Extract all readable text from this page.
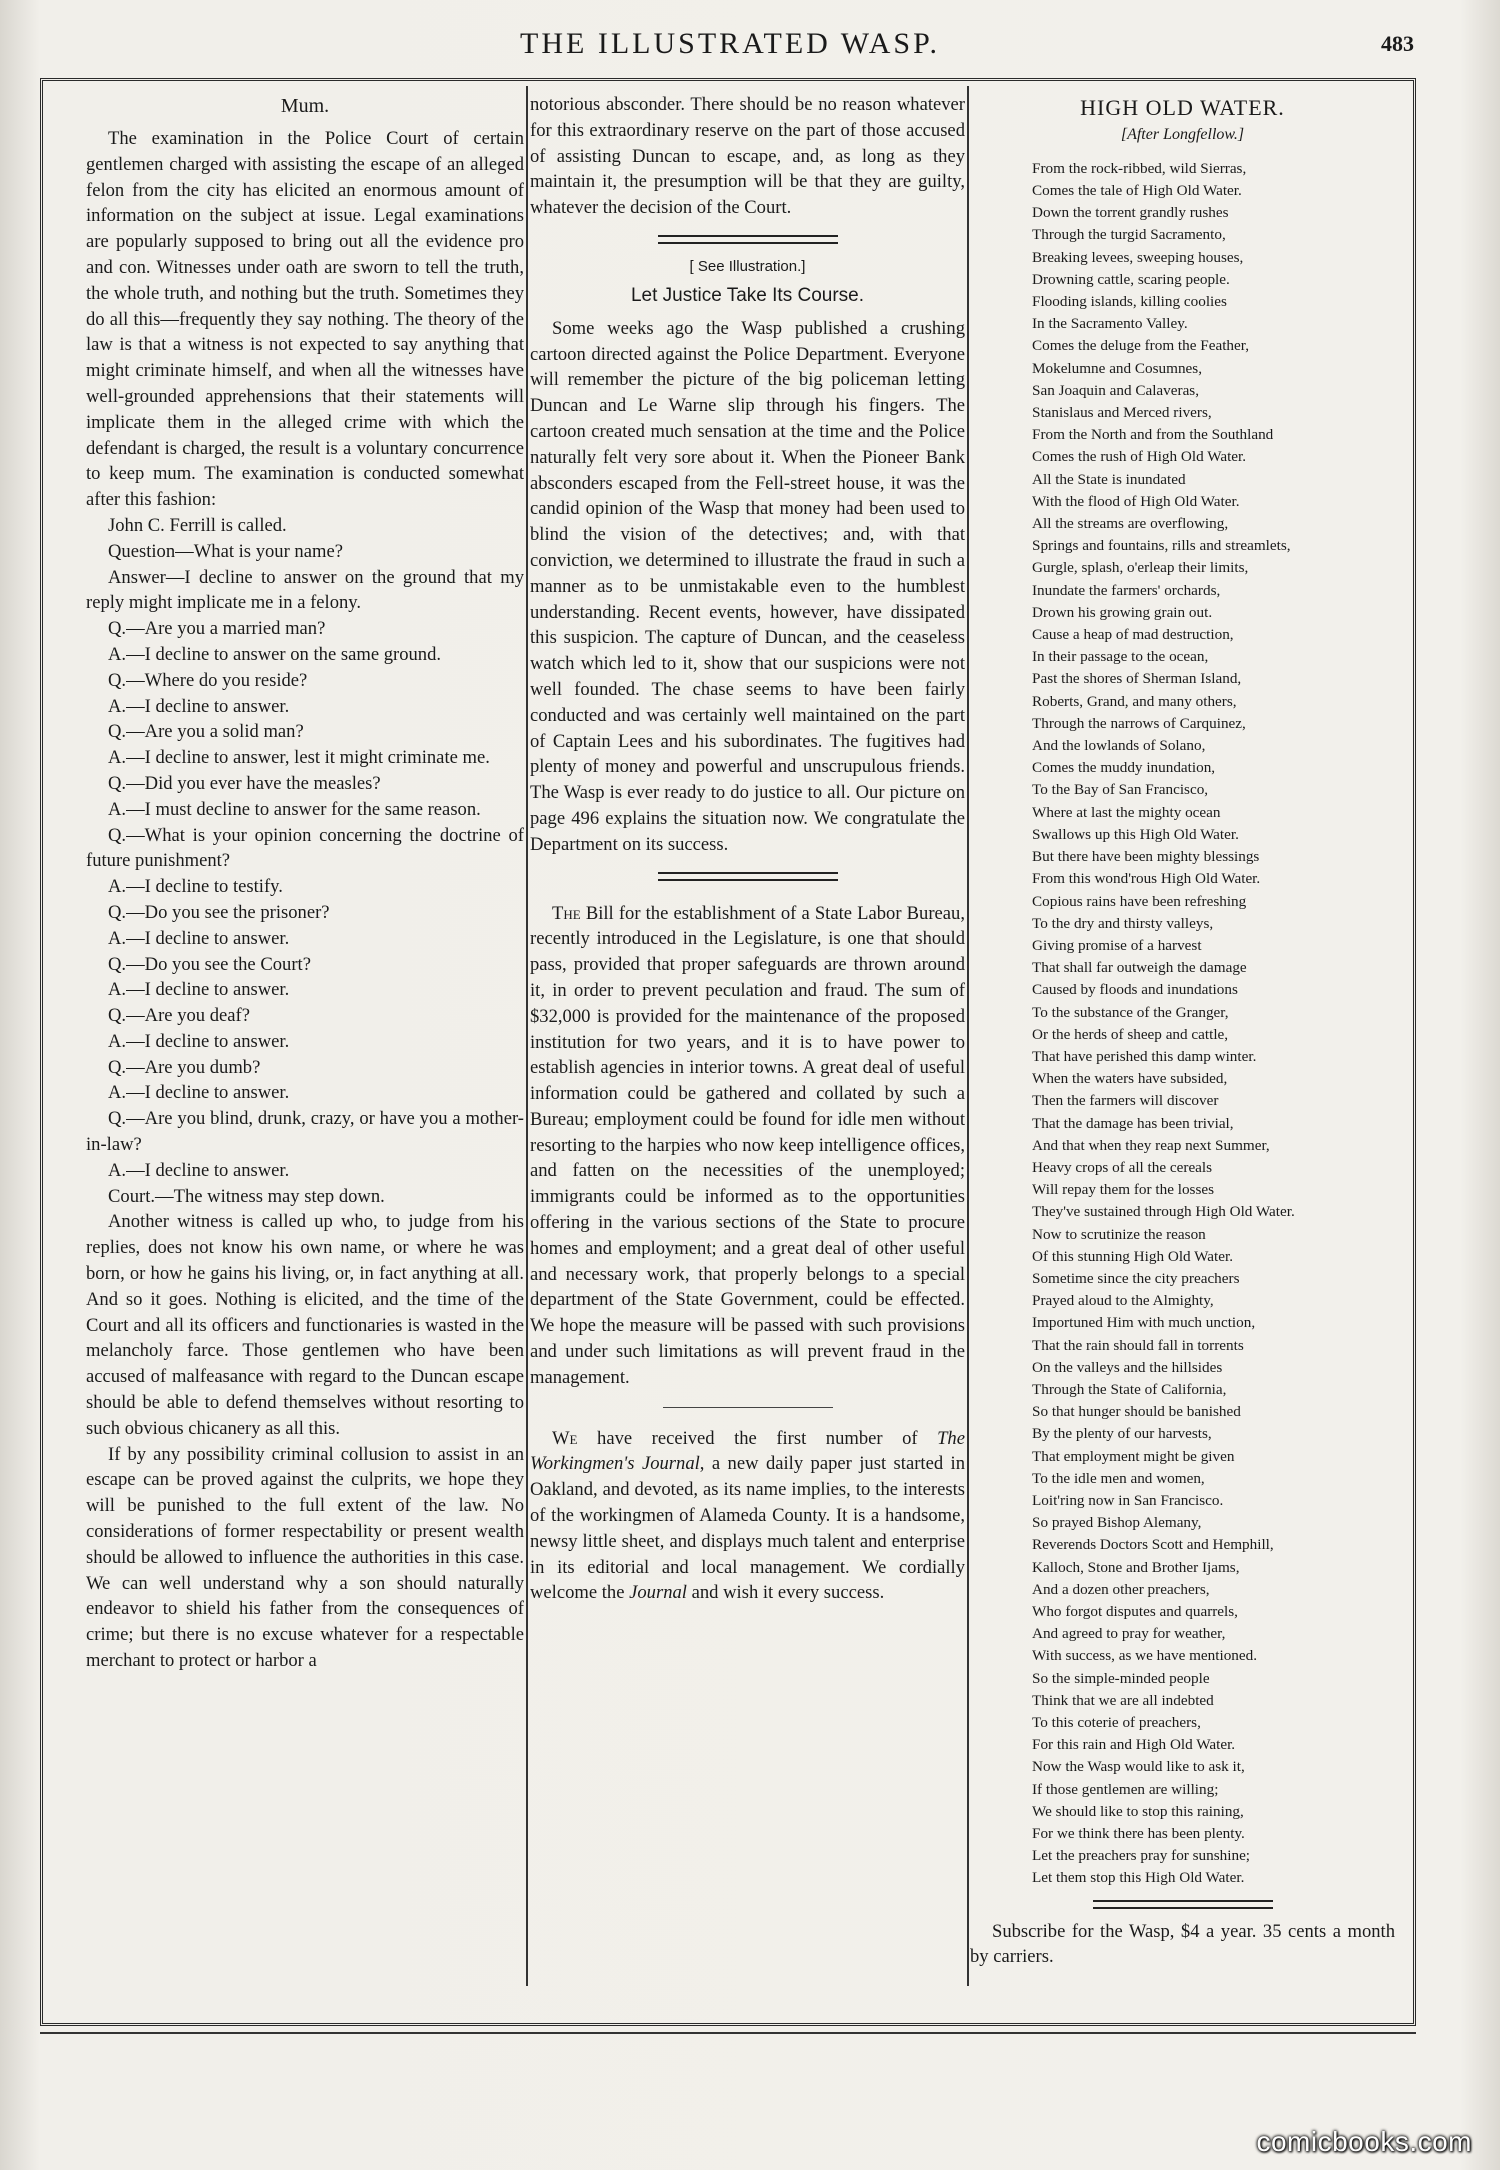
THE ILLUSTRATED WASP.	483
Mum.

The examination in the Police Court of certain gentlemen charged with assisting the escape of an alleged felon from the city has elicited an enormous amount of information on the subject at issue. Legal examinations are popularly supposed to bring out all the evidence pro and con. Witnesses under oath are sworn to tell the truth, the whole truth, and nothing but the truth. Sometimes they do all this—frequently they say nothing. The theory of the law is that a witness is not expected to say anything that might criminate himself, and when all the witnesses have well-grounded apprehensions that their statements will implicate them in the alleged crime with which the defendant is charged, the result is a voluntary concurrence to keep mum. The examination is conducted somewhat after this fashion:

John C. Ferrill is called.

Question—What is your name?

Answer—I decline to answer on the ground that my reply might implicate me in a felony.

Q.—Are you a married man?

A.—I decline to answer on the same ground.

Q.—Where do you reside?

A.—I decline to answer.

Q.—Are you a solid man?

A.—I decline to answer, lest it might criminate me.

Q.—Did you ever have the measles?

A.—I must decline to answer for the same reason.

Q.—What is your opinion concerning the doctrine of future punishment?

A.—I decline to testify.

Q.—Do you see the prisoner?

A.—I decline to answer.

Q.—Do you see the Court?

A.—I decline to answer.

Q.—Are you deaf?

A.—I decline to answer.

Q.—Are you dumb?

A.—I decline to answer.

Q.—Are you blind, drunk, crazy, or have you a mother-in-law?

A.—I decline to answer.

Court.—The witness may step down.

Another witness is called up who, to judge from his replies, does not know his own name, or where he was born, or how he gains his living, or, in fact anything at all. And so it goes. Nothing is elicited, and the time of the Court and all its officers and functionaries is wasted in the melancholy farce. Those gentlemen who have been accused of malfeasance with regard to the Duncan escape should be able to defend themselves without resorting to such obvious chicanery as all this.

If by any possibility criminal collusion to assist in an escape can be proved against the culprits, we hope they will be punished to the full extent of the law. No considerations of former respectability or present wealth should be allowed to influence the authorities in this case. We can well understand why a son should naturally endeavor to shield his father from the consequences of crime; but there is no excuse whatever for a respectable merchant to protect or harbor a

notorious absconder. There should be no reason whatever for this extraordinary reserve on the part of those accused of assisting Duncan to escape, and, as long as they maintain it, the presumption will be that they are guilty, whatever the decision of the Court.

[ See Illustration.]
Let Justice Take Its Course.

Some weeks ago the Wasp published a crushing cartoon directed against the Police Department. Everyone will remember the picture of the big policeman letting Duncan and Le Warne slip through his fingers. The cartoon created much sensation at the time and the Police naturally felt very sore about it. When the Pioneer Bank absconders escaped from the Fell-street house, it was the candid opinion of the Wasp that money had been used to blind the vision of the detectives; and, with that conviction, we determined to illustrate the fraud in such a manner as to be unmistakable even to the humblest understanding. Recent events, however, have dissipated this suspicion. The capture of Duncan, and the ceaseless watch which led to it, show that our suspicions were not well founded. The chase seems to have been fairly conducted and was certainly well maintained on the part of Captain Lees and his subordinates. The fugitives had plenty of money and powerful and unscrupulous friends. The Wasp is ever ready to do justice to all. Our picture on page 496 explains the situation now. We congratulate the Department on its success.

The Bill for the establishment of a State Labor Bureau, recently introduced in the Legislature, is one that should pass, provided that proper safeguards are thrown around it, in order to prevent peculation and fraud. The sum of $32,000 is provided for the maintenance of the proposed institution for two years, and it is to have power to establish agencies in interior towns. A great deal of useful information could be gathered and collated by such a Bureau; employment could be found for idle men without resorting to the harpies who now keep intelligence offices, and fatten on the necessities of the unemployed; immigrants could be informed as to the opportunities offering in the various sections of the State to procure homes and employment; and a great deal of other useful and necessary work, that properly belongs to a special department of the State Government, could be effected. We hope the measure will be passed with such provisions and under such limitations as will prevent fraud in the management.

We have received the first number of The Workingmen's Journal, a new daily paper just started in Oakland, and devoted, as its name implies, to the interests of the workingmen of Alameda County. It is a handsome, newsy little sheet, and displays much talent and enterprise in its editorial and local management. We cordially welcome the Journal and wish it every success.

HIGH OLD WATER.
[After Longfellow.]
From the rock-ribbed, wild Sierras,
Comes the tale of High Old Water.
Down the torrent grandly rushes
Through the turgid Sacramento,
Breaking levees, sweeping houses,
Drowning cattle, scaring people.
Flooding islands, killing coolies
In the Sacramento Valley.
Comes the deluge from the Feather,
Mokelumne and Cosumnes,
San Joaquin and Calaveras,
Stanislaus and Merced rivers,
From the North and from the Southland
Comes the rush of High Old Water.
All the State is inundated
With the flood of High Old Water.
All the streams are overflowing,
Springs and fountains, rills and streamlets,
Gurgle, splash, o'erleap their limits,
Inundate the farmers' orchards,
Drown his growing grain out.
Cause a heap of mad destruction,
In their passage to the ocean,
Past the shores of Sherman Island,
Roberts, Grand, and many others,
Through the narrows of Carquinez,
And the lowlands of Solano,
Comes the muddy inundation,
To the Bay of San Francisco,
Where at last the mighty ocean
Swallows up this High Old Water.
But there have been mighty blessings
From this wond'rous High Old Water.
Copious rains have been refreshing
To the dry and thirsty valleys,
Giving promise of a harvest
That shall far outweigh the damage
Caused by floods and inundations
To the substance of the Granger,
Or the herds of sheep and cattle,
That have perished this damp winter.
When the waters have subsided,
Then the farmers will discover
That the damage has been trivial,
And that when they reap next Summer,
Heavy crops of all the cereals
Will repay them for the losses
They've sustained through High Old Water.
Now to scrutinize the reason
Of this stunning High Old Water.
Sometime since the city preachers
Prayed aloud to the Almighty,
Importuned Him with much unction,
That the rain should fall in torrents
On the valleys and the hillsides
Through the State of California,
So that hunger should be banished
By the plenty of our harvests,
That employment might be given
To the idle men and women,
Loit'ring now in San Francisco.
So prayed Bishop Alemany,
Reverends Doctors Scott and Hemphill,
Kalloch, Stone and Brother Ijams,
And a dozen other preachers,
Who forgot disputes and quarrels,
And agreed to pray for weather,
With success, as we have mentioned.
So the simple-minded people
Think that we are all indebted
To this coterie of preachers,
For this rain and High Old Water.
Now the Wasp would like to ask it,
If those gentlemen are willing;
We should like to stop this raining,
For we think there has been plenty.
Let the preachers pray for sunshine;
Let them stop this High Old Water.

Subscribe for the Wasp, $4 a year. 35 cents a month by carriers.

comicbooks.com
